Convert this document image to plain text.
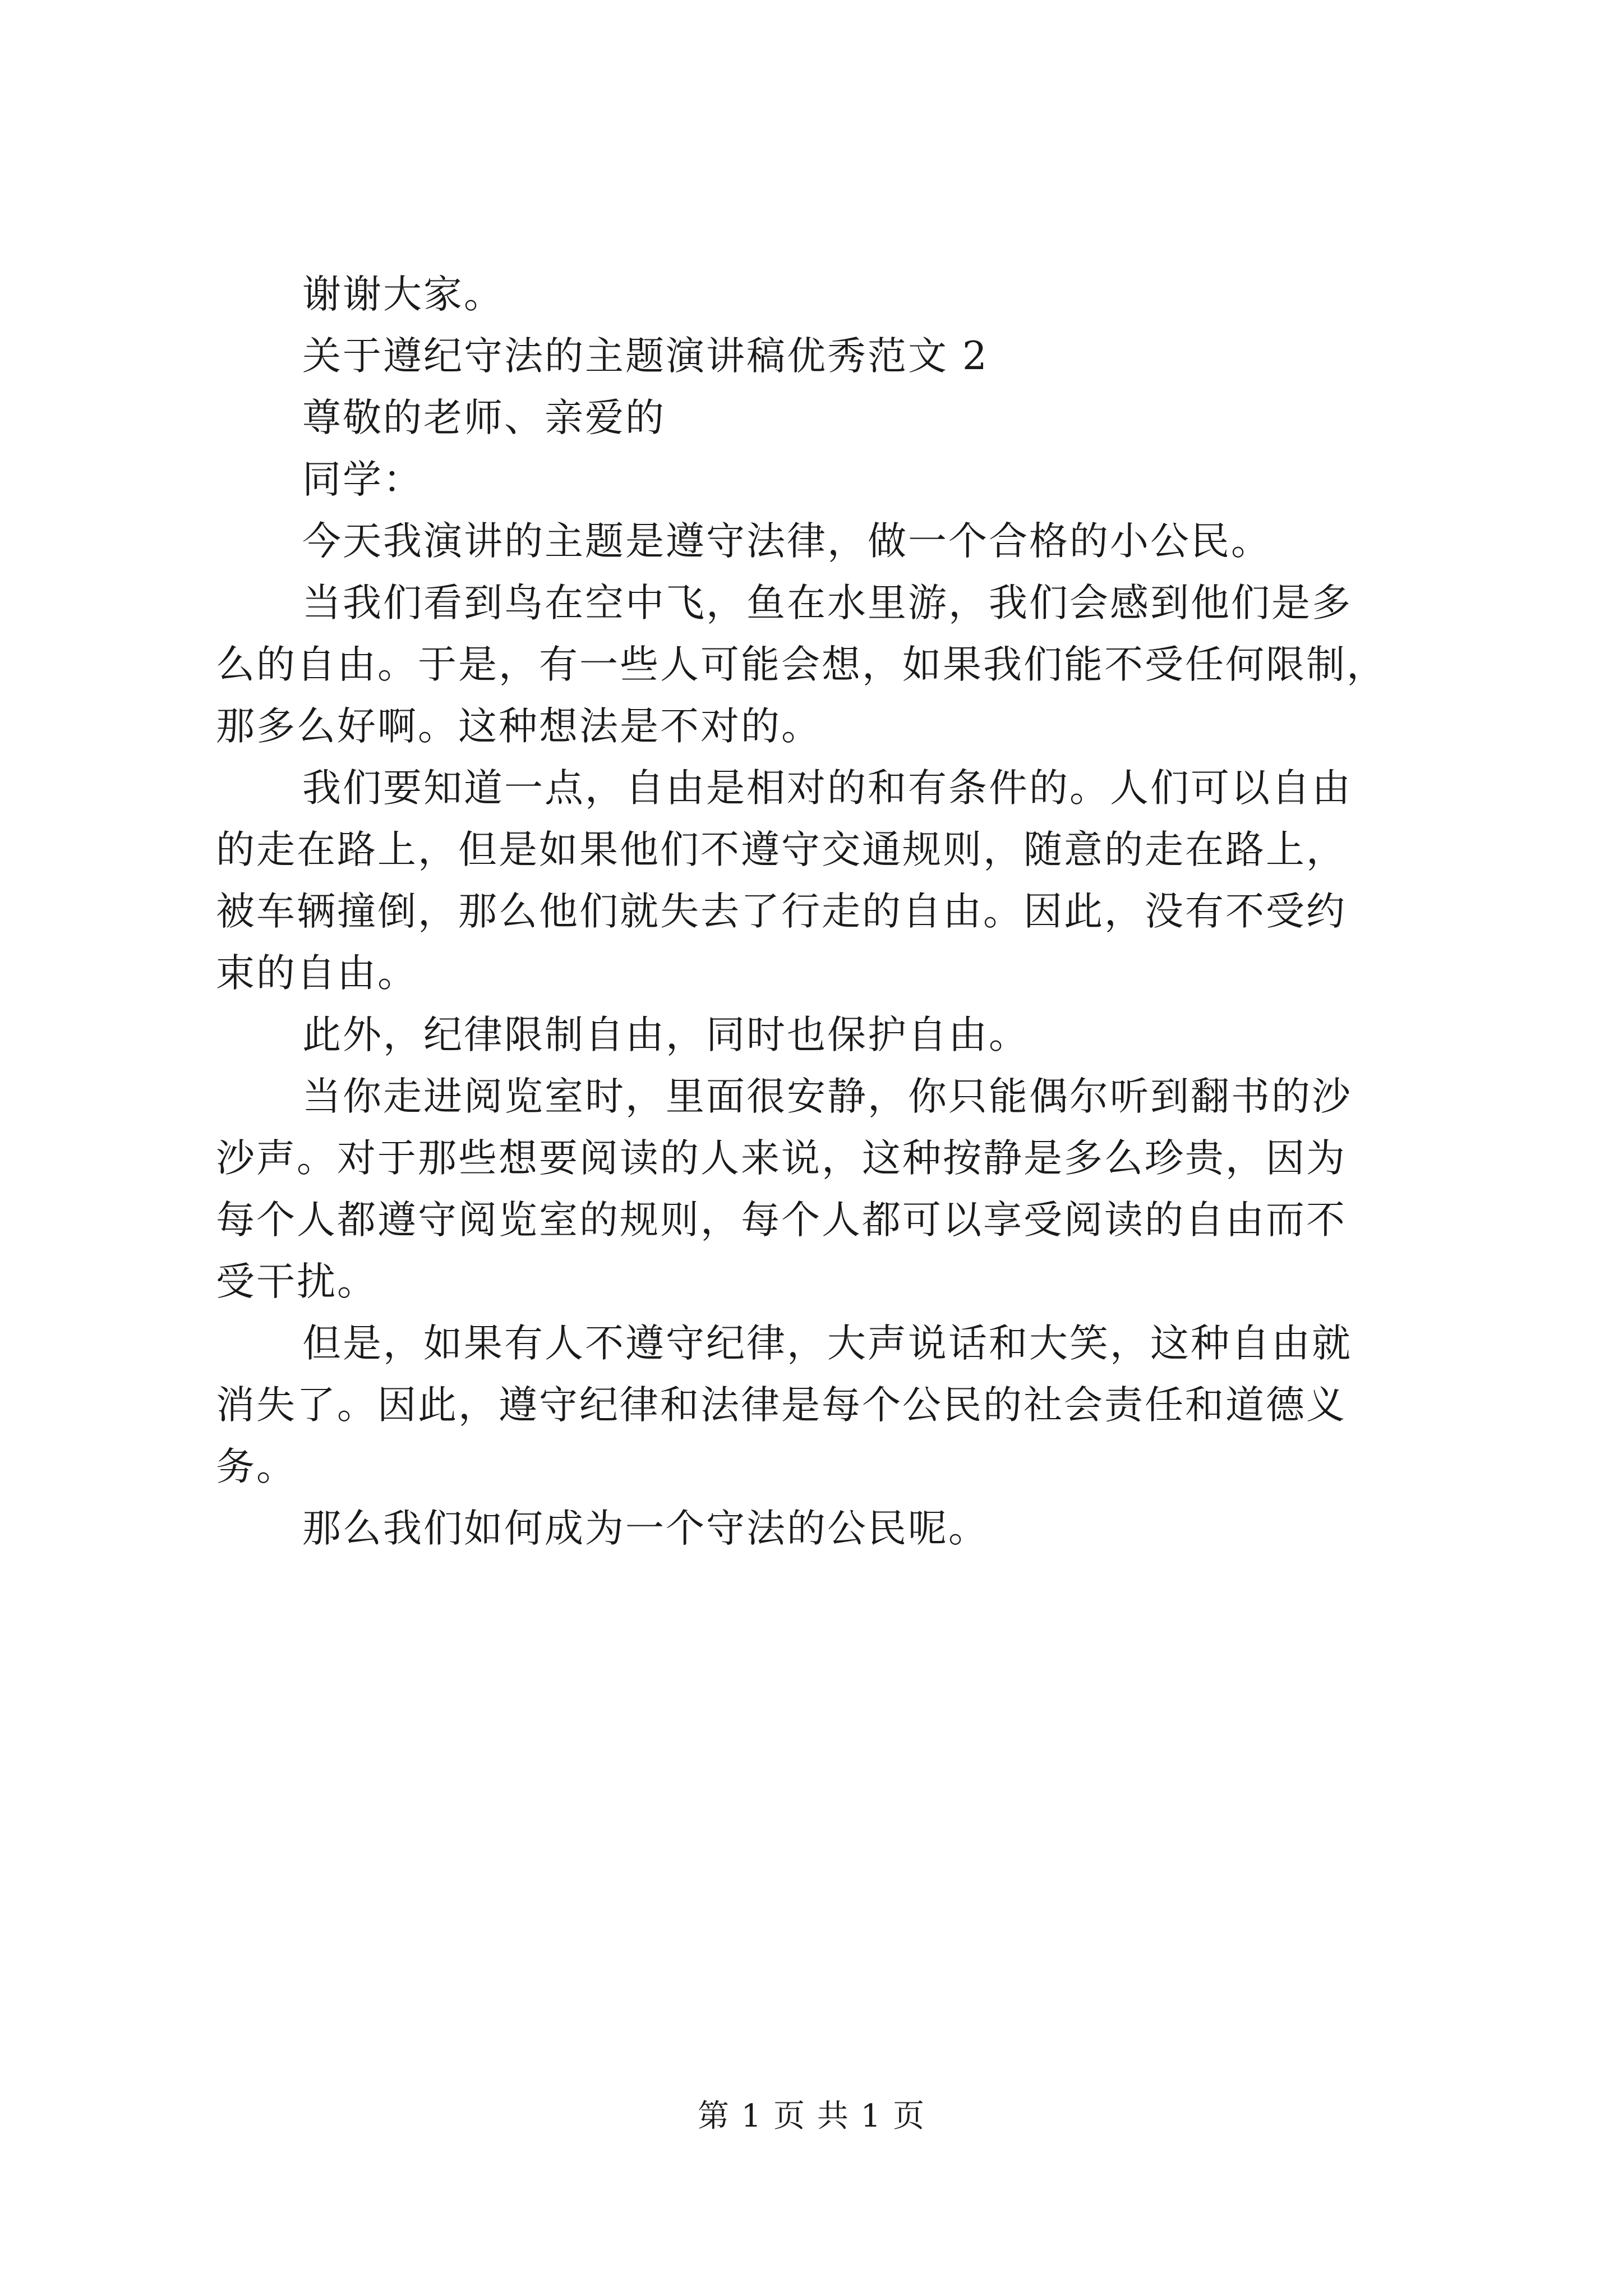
谢谢大家。
关于遵纪守法的主题演讲稿优秀范文 2
尊敬的老师、亲爱的
同学：
今天我演讲的主题是遵守法律，做一个合格的小公民。
当我们看到鸟在空中飞，鱼在水里游，我们会感到他们是多
么的自由。于是，有一些人可能会想，如果我们能不受任何限制，
那多么好啊。这种想法是不对的。
我们要知道一点，自由是相对的和有条件的。人们可以自由
的走在路上，但是如果他们不遵守交通规则，随意的走在路上，
被车辆撞倒，那么他们就失去了行走的自由。因此，没有不受约
束的自由。
此外，纪律限制自由，同时也保护自由。
当你走进阅览室时，里面很安静，你只能偶尔听到翻书的沙
沙声。对于那些想要阅读的人来说，这种按静是多么珍贵，因为
每个人都遵守阅览室的规则，每个人都可以享受阅读的自由而不
受干扰。
但是，如果有人不遵守纪律，大声说话和大笑，这种自由就
消失了。因此，遵守纪律和法律是每个公民的社会责任和道德义
务。
那么我们如何成为一个守法的公民呢。
第 1 页 共 1 页
